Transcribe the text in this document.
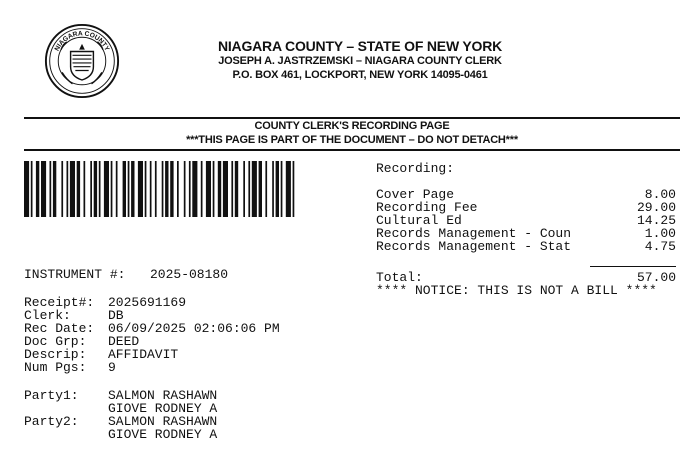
NIAGARA COUNTY	NIAGARA COUNTY – STATE OF NEW YORK
JOSEPH A. JASTRZEMSKI – NIAGARA COUNTY CLERK
P.O. BOX 461, LOCKPORT, NEW YORK 14095-0461
COUNTY CLERK'S RECORDING PAGE
***THIS PAGE IS PART OF THE DOCUMENT – DO NOT DETACH***
INSTRUMENT #:	2025-08180
Receipt#:	2025691169
Clerk:	DB
Rec Date:	06/09/2025 02:06:06 PM
Doc Grp:	DEED
Descrip:	AFFIDAVIT
Num Pgs:	9
Party1:	SALMON RASHAWN
GIOVE RODNEY A
Party2:	SALMON RASHAWN
GIOVE RODNEY A
Recording:
Cover Page	8.00
Recording Fee	29.00
Cultural Ed	14.25
Records Management - Coun	1.00
Records Management - Stat	4.75
Total:	57.00
**** NOTICE: THIS IS NOT A BILL ****
